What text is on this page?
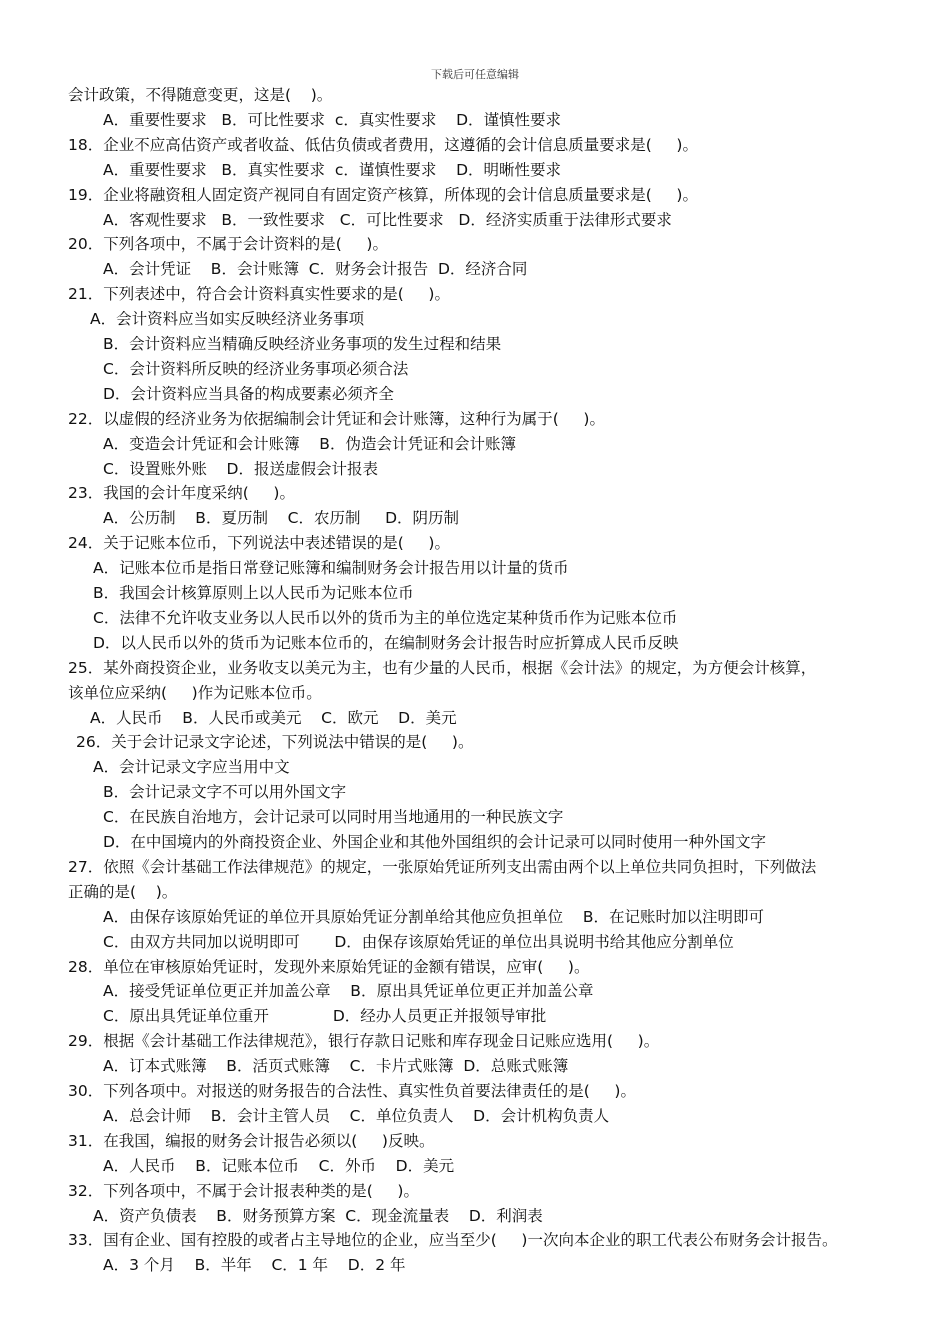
下载后可任意编辑
会计政策，不得随意变更，这是(    )。
A．重要性要求   B．可比性要求  c．真实性要求    D．谨慎性要求
18．企业不应高估资产或者收益、低估负债或者费用，这遵循的会计信息质量要求是(     )。
A．重要性要求   B．真实性要求  c．谨慎性要求    D．明晰性要求
19．企业将融资租人固定资产视同自有固定资产核算，所体现的会计信息质量要求是(     )。
A．客观性要求   B．一致性要求   C．可比性要求   D．经济实质重于法律形式要求
20．下列各项中，不属于会计资料的是(     )。
A．会计凭证    B．会计账簿  C．财务会计报告  D．经济合同
21．下列表述中，符合会计资料真实性要求的是(     )。
A．会计资料应当如实反映经济业务事项
B．会计资料应当精确反映经济业务事项的发生过程和结果
C．会计资料所反映的经济业务事项必须合法
D．会计资料应当具备的构成要素必须齐全
22．以虚假的经济业务为依据编制会计凭证和会计账簿，这种行为属于(     )。
A．变造会计凭证和会计账簿    B．伪造会计凭证和会计账簿
C．设置账外账    D．报送虚假会计报表
23．我国的会计年度采纳(     )。
A．公历制    B．夏历制    C．农历制     D．阴历制
24．关于记账本位币，下列说法中表述错误的是(     )。
A．记账本位币是指日常登记账簿和编制财务会计报告用以计量的货币
B．我国会计核算原则上以人民币为记账本位币
C．法律不允许收支业务以人民币以外的货币为主的单位选定某种货币作为记账本位币
D．以人民币以外的货币为记账本位币的，在编制财务会计报告时应折算成人民币反映
25．某外商投资企业，业务收支以美元为主，也有少量的人民币，根据《会计法》的规定，为方便会计核算，
该单位应采纳(     )作为记账本位币。
A．人民币    B．人民币或美元    C．欧元    D．美元
26．关于会计记录文字论述，下列说法中错误的是(     )。
A．会计记录文字应当用中文
B．会计记录文字不可以用外国文字
C．在民族自治地方，会计记录可以同时用当地通用的一种民族文字
D．在中国境内的外商投资企业、外国企业和其他外国组织的会计记录可以同时使用一种外国文字
27．依照《会计基础工作法律规范》的规定，一张原始凭证所列支出需由两个以上单位共同负担时，下列做法
正确的是(    )。
A．由保存该原始凭证的单位开具原始凭证分割单给其他应负担单位    B．在记账时加以注明即可
C．由双方共同加以说明即可       D．由保存该原始凭证的单位出具说明书给其他应分割单位
28．单位在审核原始凭证时，发现外来原始凭证的金额有错误，应审(     )。
A．接受凭证单位更正并加盖公章    B．原出具凭证单位更正并加盖公章
C．原出具凭证单位重开             D．经办人员更正并报领导审批
29．根据《会计基础工作法律规范》，银行存款日记账和库存现金日记账应选用(     )。
A．订本式账簿    B．活页式账簿    C．卡片式账簿  D．总账式账簿
30．下列各项中。对报送的财务报告的合法性、真实性负首要法律责任的是(     )。
A．总会计师    B．会计主管人员    C．单位负责人    D．会计机构负责人
31．在我国，编报的财务会计报告必须以(     )反映。
A．人民币    B．记账本位币    C．外币    D．美元
32．下列各项中，不属于会计报表种类的是(     )。
A．资产负债表    B．财务预算方案  C．现金流量表    D．利润表
33．国有企业、国有控股的或者占主导地位的企业，应当至少(     )一次向本企业的职工代表公布财务会计报告。
A．3 个月    B．半年    C．1 年    D．2 年
